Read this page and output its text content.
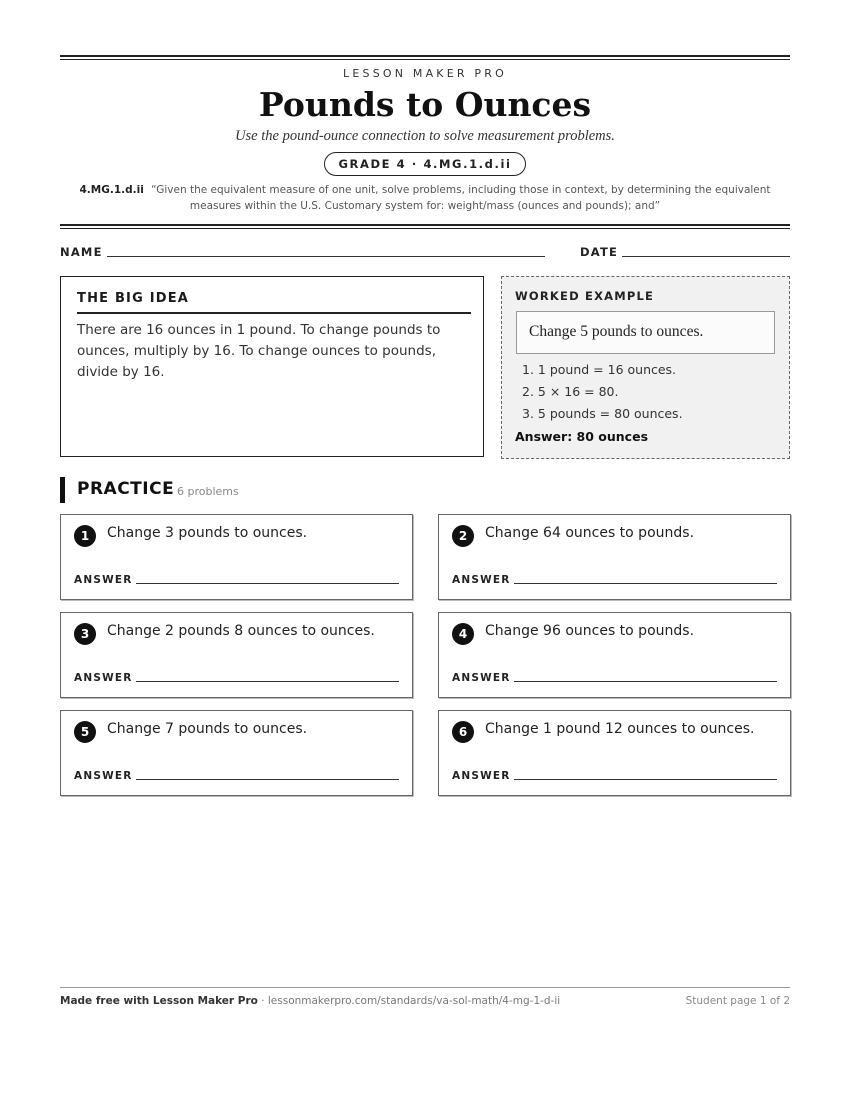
LESSON MAKER PRO
Pounds to Ounces
Use the pound-ounce connection to solve measurement problems.
GRADE 4 · 4.MG.1.d.ii
4.MG.1.d.ii “Given the equivalent measure of one unit, solve problems, including those in context, by determining the equivalent measures within the U.S. Customary system for: weight/mass (ounces and pounds); and”
NAME	DATE
THE BIG IDEA
There are 16 ounces in 1 pound. To change pounds to ounces, multiply by 16. To change ounces to pounds, divide by 16.
WORKED EXAMPLE
Change 5 pounds to ounces.
1. 1 pound = 16 ounces.
2. 5 × 16 = 80.
3. 5 pounds = 80 ounces.
Answer: 80 ounces
PRACTICE 6 problems
1	Change 3 pounds to ounces.
ANSWER
2	Change 64 ounces to pounds.
ANSWER
3	Change 2 pounds 8 ounces to ounces.
ANSWER
4	Change 96 ounces to pounds.
ANSWER
5	Change 7 pounds to ounces.
ANSWER
6	Change 1 pound 12 ounces to ounces.
ANSWER
Made free with Lesson Maker Pro · lessonmakerpro.com/standards/va-sol-math/4-mg-1-d-ii	Student page 1 of 2
